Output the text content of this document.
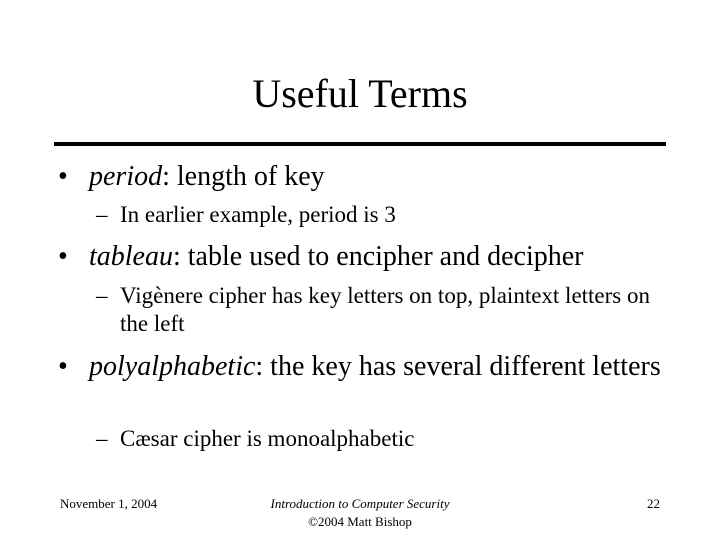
Useful Terms
• period: length of key
– In earlier example, period is 3
• tableau: table used to encipher and decipher
– Vigènere cipher has key letters on top, plaintext letters on the left
• polyalphabetic: the key has several different letters
– Cæsar cipher is monoalphabetic
November 1, 2004	Introduction to Computer Security
©2004 Matt Bishop
22
